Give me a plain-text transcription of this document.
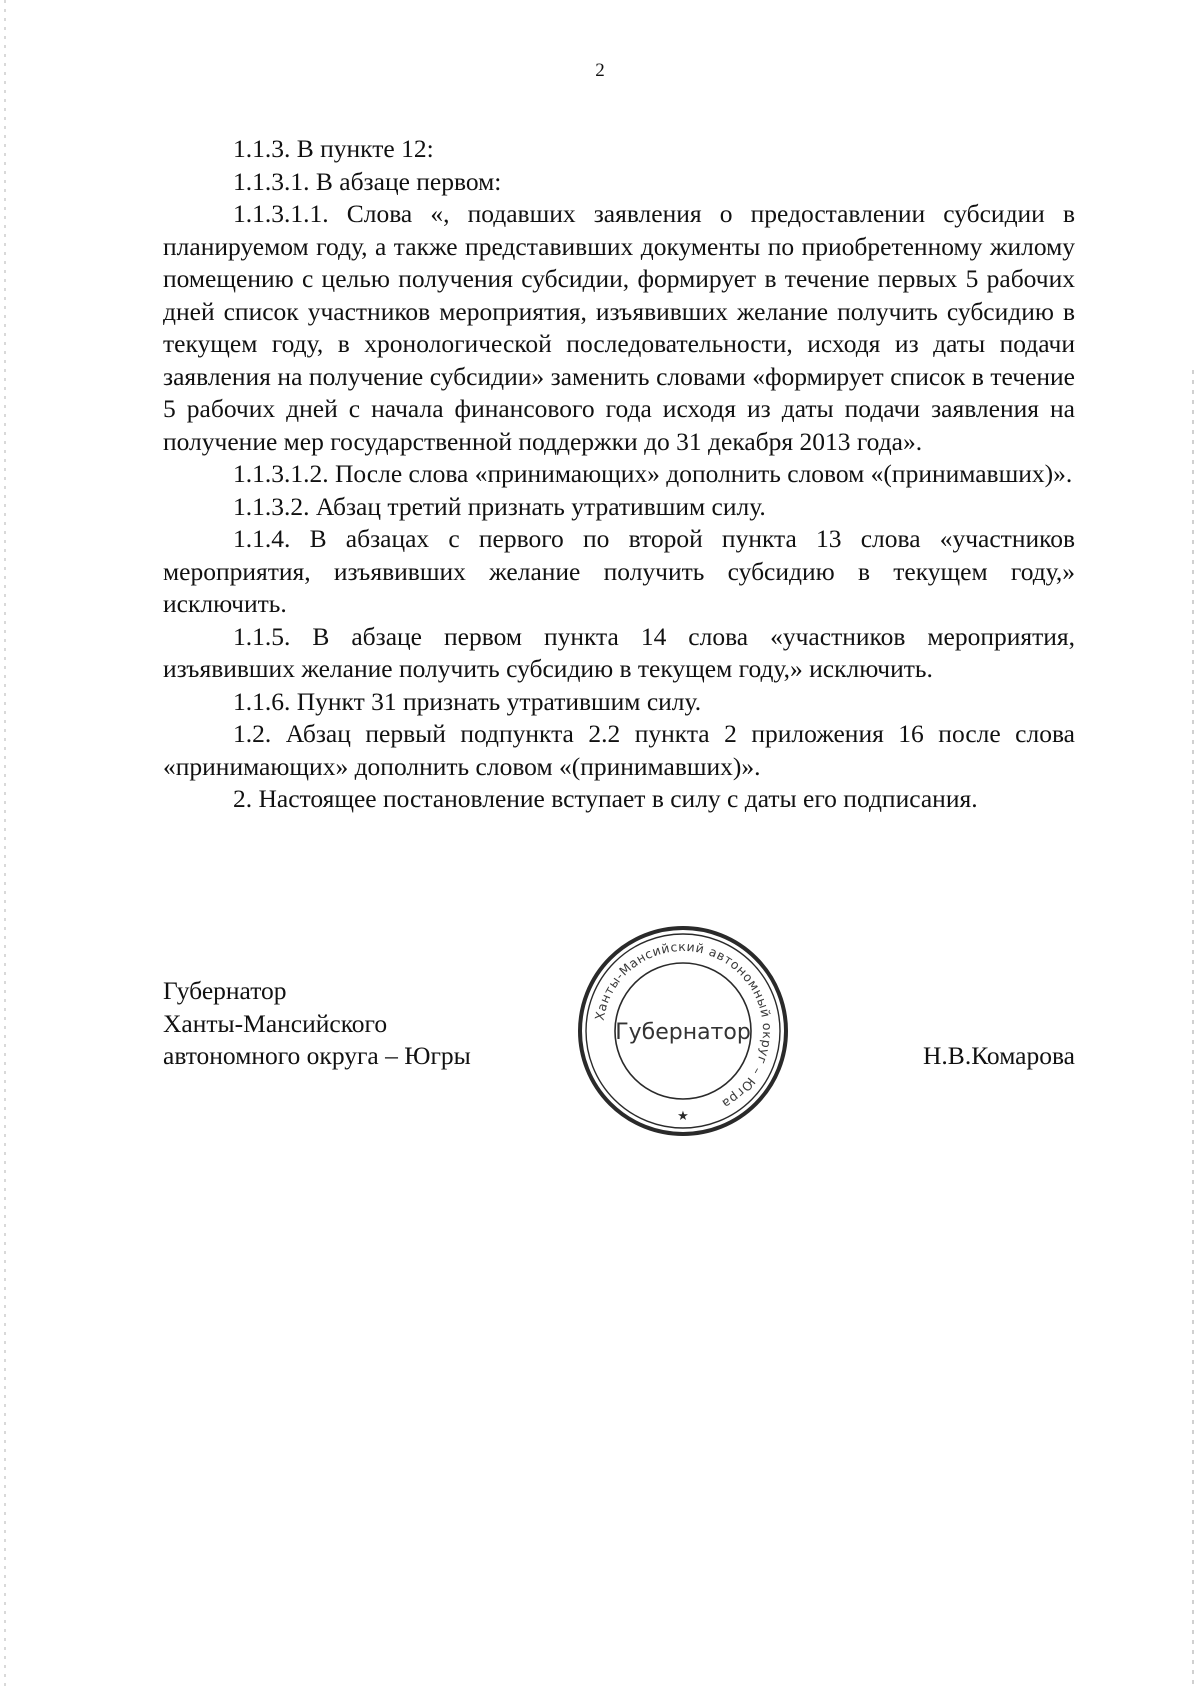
2

1.1.3. В пункте 12:

1.1.3.1. В абзаце первом:

1.1.3.1.1. Слова «, подавших заявления о предоставлении субсидии в планируемом году, а также представивших документы по приобретенному жилому помещению с целью получения субсидии, формирует в течение первых 5 рабочих дней список участников мероприятия, изъявивших желание получить субсидию в текущем году, в хронологической последовательности, исходя из даты подачи заявления на получение субсидии» заменить словами «формирует список в течение 5 рабочих дней с начала финансового года исходя из даты подачи заявления на получение мер государственной поддержки до 31 декабря 2013 года».

1.1.3.1.2. После слова «принимающих» дополнить словом «(принимавших)».

1.1.3.2. Абзац третий признать утратившим силу.

1.1.4. В абзацах с первого по второй пункта 13 слова «участников мероприятия, изъявивших желание получить субсидию в текущем году,» исключить.

1.1.5. В абзаце первом пункта 14 слова «участников мероприятия, изъявивших желание получить субсидию в текущем году,» исключить.

1.1.6. Пункт 31 признать утратившим силу.

1.2. Абзац первый подпункта 2.2 пункта 2 приложения 16 после слова «принимающих» дополнить словом «(принимавших)».

2. Настоящее постановление вступает в силу с даты его подписания.

Губернатор
Ханты-Мансийского
автономного округа – Югры	Н.В.Комарова
Ханты-Мансийский автономный округ – Югра
Губернатор
★
